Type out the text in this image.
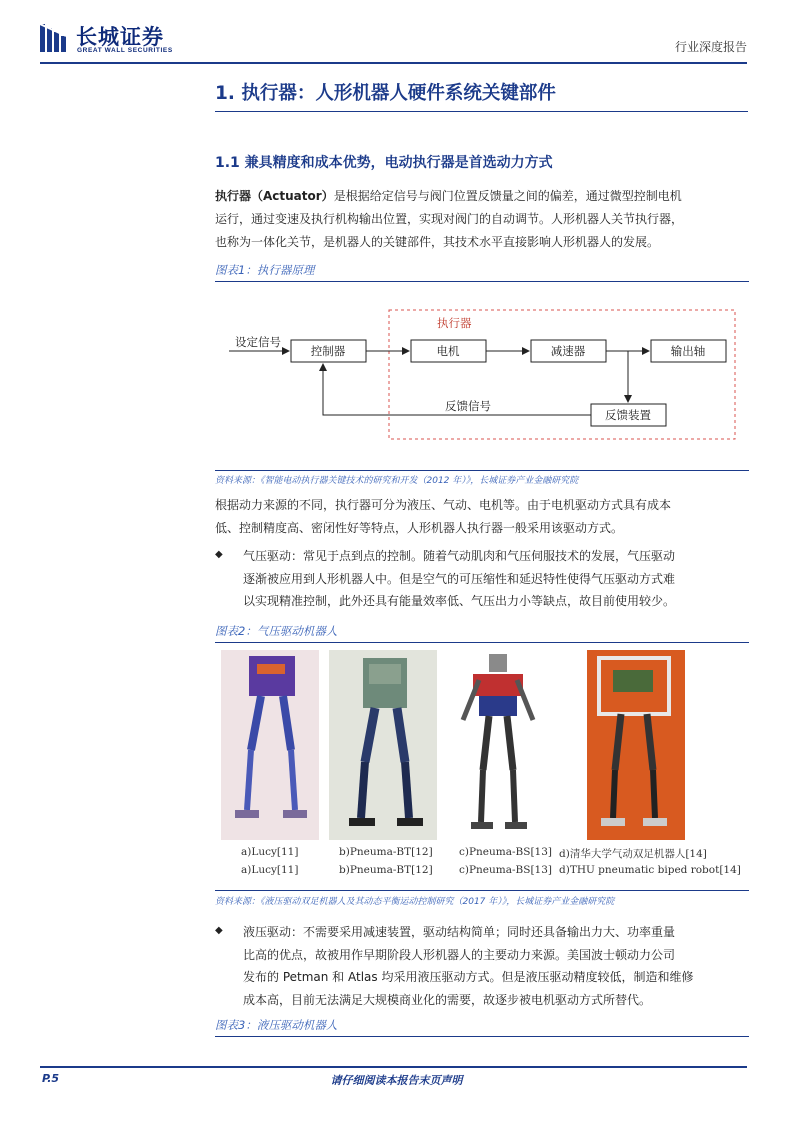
长城证券
GREAT WALL SECURITIES	行业深度报告
1. 执行器：人形机器人硬件系统关键部件
1.1 兼具精度和成本优势，电动执行器是首选动力方式
执行器（Actuator）是根据给定信号与阀门位置反馈量之间的偏差，通过微型控制电机
运行，通过变速及执行机构输出位置，实现对阀门的自动调节。人形机器人关节执行器，
也称为一体化关节，是机器人的关键部件，其技术水平直接影响人形机器人的发展。
图表1：执行器原理
执行器
设定信号
控制器	电机	减速器	输出轴
反馈装置
反馈信号
资料来源：《智能电动执行器关键技术的研究和开发（2012 年）》，长城证券产业金融研究院
根据动力来源的不同，执行器可分为液压、气动、电机等。由于电机驱动方式具有成本
低、控制精度高、密闭性好等特点，人形机器人执行器一般采用该驱动方式。
◆ 气压驱动：常见于点到点的控制。随着气动肌肉和气压伺服技术的发展，气压驱动
逐渐被应用到人形机器人中。但是空气的可压缩性和延迟特性使得气压驱动方式难
以实现精准控制，此外还具有能量效率低、气压出力小等缺点，故目前使用较少。
图表2：气压驱动机器人
a)Lucy[11]	b)Pneuma-BT[12]	c)Pneuma-BS[13] d)清华大学气动双足机器人[14]
a)Lucy[11]	b)Pneuma-BT[12]	c)Pneuma-BS[13] d)THU pneumatic biped robot[14]
资料来源：《液压驱动双足机器人及其动态平衡运动控制研究（2017 年）》，长城证券产业金融研究院
◆ 液压驱动：不需要采用减速装置，驱动结构简单；同时还具备输出力大、功率重量
比高的优点，故被用作早期阶段人形机器人的主要动力来源。美国波士顿动力公司
发布的 Petman 和 Atlas 均采用液压驱动方式。但是液压驱动精度较低，制造和维修
成本高，目前无法满足大规模商业化的需要，故逐步被电机驱动方式所替代。
图表3：液压驱动机器人
P.5	请仔细阅读本报告末页声明
